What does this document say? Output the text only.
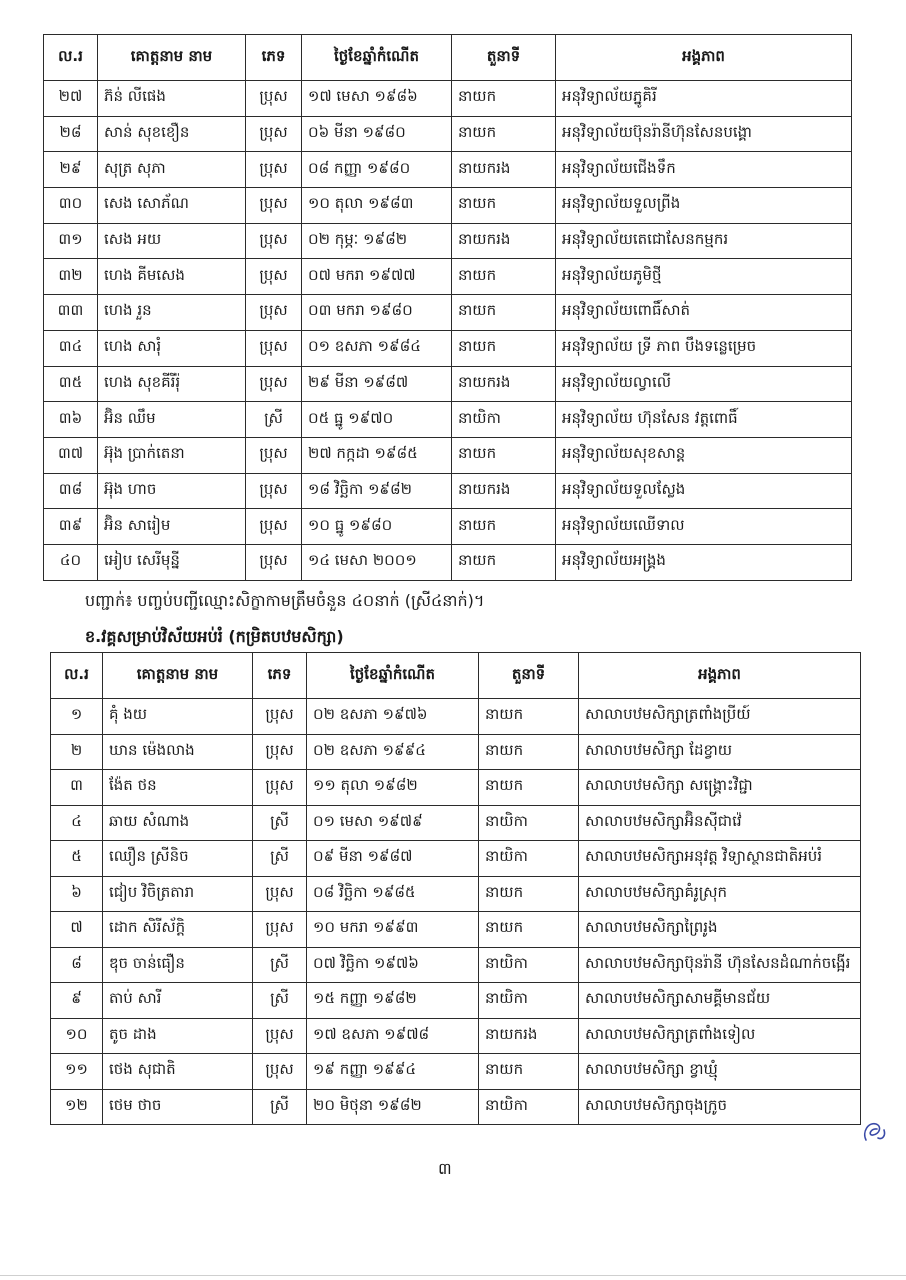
ល.រ	គោត្តនាម នាម	ភេទ	ថ្ងៃខែឆ្នាំកំណើត	តួនាទី	អង្គភាព
២៧	ភ៊ន់ លីផេង	ប្រុស	១៧ មេសា ១៩៨៦	នាយក	អនុវិទ្យាល័យភ្នូគិរី
២៨	សាន់ សុខខឿន	ប្រុស	០៦ មីនា ១៩៨០	នាយក	អនុវិទ្យាល័យប៊ុនរ៉ានីហ៊ុនសែនបង្គោ
២៩	សុត្រ សុភា	ប្រុស	០៨ កញ្ញា ១៩៨០	នាយករង	អនុវិទ្យាល័យជើងទឹក
៣០	សេង សោភ័ណ	ប្រុស	១០ តុលា ១៩៨៣	នាយក	អនុវិទ្យាល័យទួលព្រីង
៣១	សេង អយ	ប្រុស	០២ កុម្ភៈ ១៩៨២	នាយករង	អនុវិទ្យាល័យតេជោសែនកម្មករ
៣២	ហេង គីមសេង	ប្រុស	០៧ មករា ១៩៧៧	នាយក	អនុវិទ្យាល័យភូមិថ្មី
៣៣	ហេង រួន	ប្រុស	០៣ មករា ១៩៨០	នាយក	អនុវិទ្យាល័យពោធិ៍សាត់
៣៤	ហេង សារុំ	ប្រុស	០១ ឧសភា ១៩៨៤	នាយក	អនុវិទ្យាល័យ ទ្រី ភាព បឹងទន្លេម្រេច
៣៥	ហេង សុខគីរីរ៉ុ	ប្រុស	២៩ មីនា ១៩៨៧	នាយករង	អនុវិទ្យាល័យល្វាលើ
៣៦	អ៊ិន ឈឹម	ស្រី	០៥ ធ្នូ ១៩៧០	នាយិកា	អនុវិទ្យាល័យ ហ៊ុនសែន វត្តពោធិ៍
៣៧	អ៊ុង ប្រាក់តេនា	ប្រុស	២៧ កក្កដា ១៩៨៥	នាយក	អនុវិទ្យាល័យសុខសាន្ត
៣៨	អ៊ុង ហាច	ប្រុស	១៨ វិច្ឆិកា ១៩៨២	នាយករង	អនុវិទ្យាល័យទួលស្លែង
៣៩	អ៊ិន សារៀម	ប្រុស	១០ ធ្នូ ១៩៨០	នាយក	អនុវិទ្យាល័យឈើទាល
៤០	អៀប សេរីមុន្នី	ប្រុស	១៤ មេសា ២០០១	នាយក	អនុវិទ្យាល័យអង្រ្គង
បញ្ជាក់៖ បញ្ចប់បញ្ជីឈ្មោះសិក្ខាកាមត្រឹមចំនួន ៤០នាក់ (ស្រី៤នាក់)។
ខ.វគ្គសម្រាប់វិស័យអប់រំ (កម្រិតបឋមសិក្សា)
ល.រ	គោត្តនាម នាម	ភេទ	ថ្ងៃខែឆ្នាំកំណើត	តួនាទី	អង្គភាព
១	គុំ ងយ	ប្រុស	០២ ឧសភា ១៩៧៦	នាយក	សាលាបឋមសិក្សាត្រពាំងប្រីយ៍
២	ឃាន ម៉េងលាង	ប្រុស	០២ ឧសភា ១៩៩៤	នាយក	សាលាបឋមសិក្សា ដែខ្វាយ
៣	ង៉ែត ថន	ប្រុស	១១ តុលា ១៩៨២	នាយក	សាលាបឋមសិក្សា សង្គ្រោះវិជ្ជា
៤	ឆាយ សំណាង	ស្រី	០១ មេសា ១៩៧៩	នាយិកា	សាលាបឋមសិក្សាអ៊ិនស៊ីជាវ៉េ
៥	ឈឿន ស្រីនិច	ស្រី	០៩ មីនា ១៩៨៧	នាយិកា	សាលាបឋមសិក្សាអនុវត្ត វិទ្យាស្ថានជាតិអប់រំ
៦	ជៀប វិចិត្រតារា	ប្រុស	០៨ វិច្ឆិកា ១៩៨៥	នាយក	សាលាបឋមសិក្សាគំរូស្រុក
៧	ដោក សិរីស័ក្តិ	ប្រុស	១០ មករា ១៩៩៣	នាយក	សាលាបឋមសិក្សាព្រៃរូង
៨	ឌុច ចាន់ធឿន	ស្រី	០៧ វិច្ឆិកា ១៩៧៦	នាយិកា	សាលាបឋមសិក្សាប៊ុនរ៉ានី ហ៊ុនសែនដំណាក់ចង្អើរ
៩	តាប់ សារី	ស្រី	១៥ កញ្ញា ១៩៨២	នាយិកា	សាលាបឋមសិក្សាសាមគ្គីមានជ័យ
១០	តូច ដាង	ប្រុស	១៧ ឧសភា ១៩៧៨	នាយករង	សាលាបឋមសិក្សាត្រពាំងទៀល
១១	ថេង សុជាតិ	ប្រុស	១៩ កញ្ញា ១៩៩៤	នាយក	សាលាបឋមសិក្សា ខ្វាឃ្មុំ
១២	ថេម ថាច	ស្រី	២០ មិថុនា ១៩៨២	នាយិកា	សាលាបឋមសិក្សាចុងក្រូច
៣
